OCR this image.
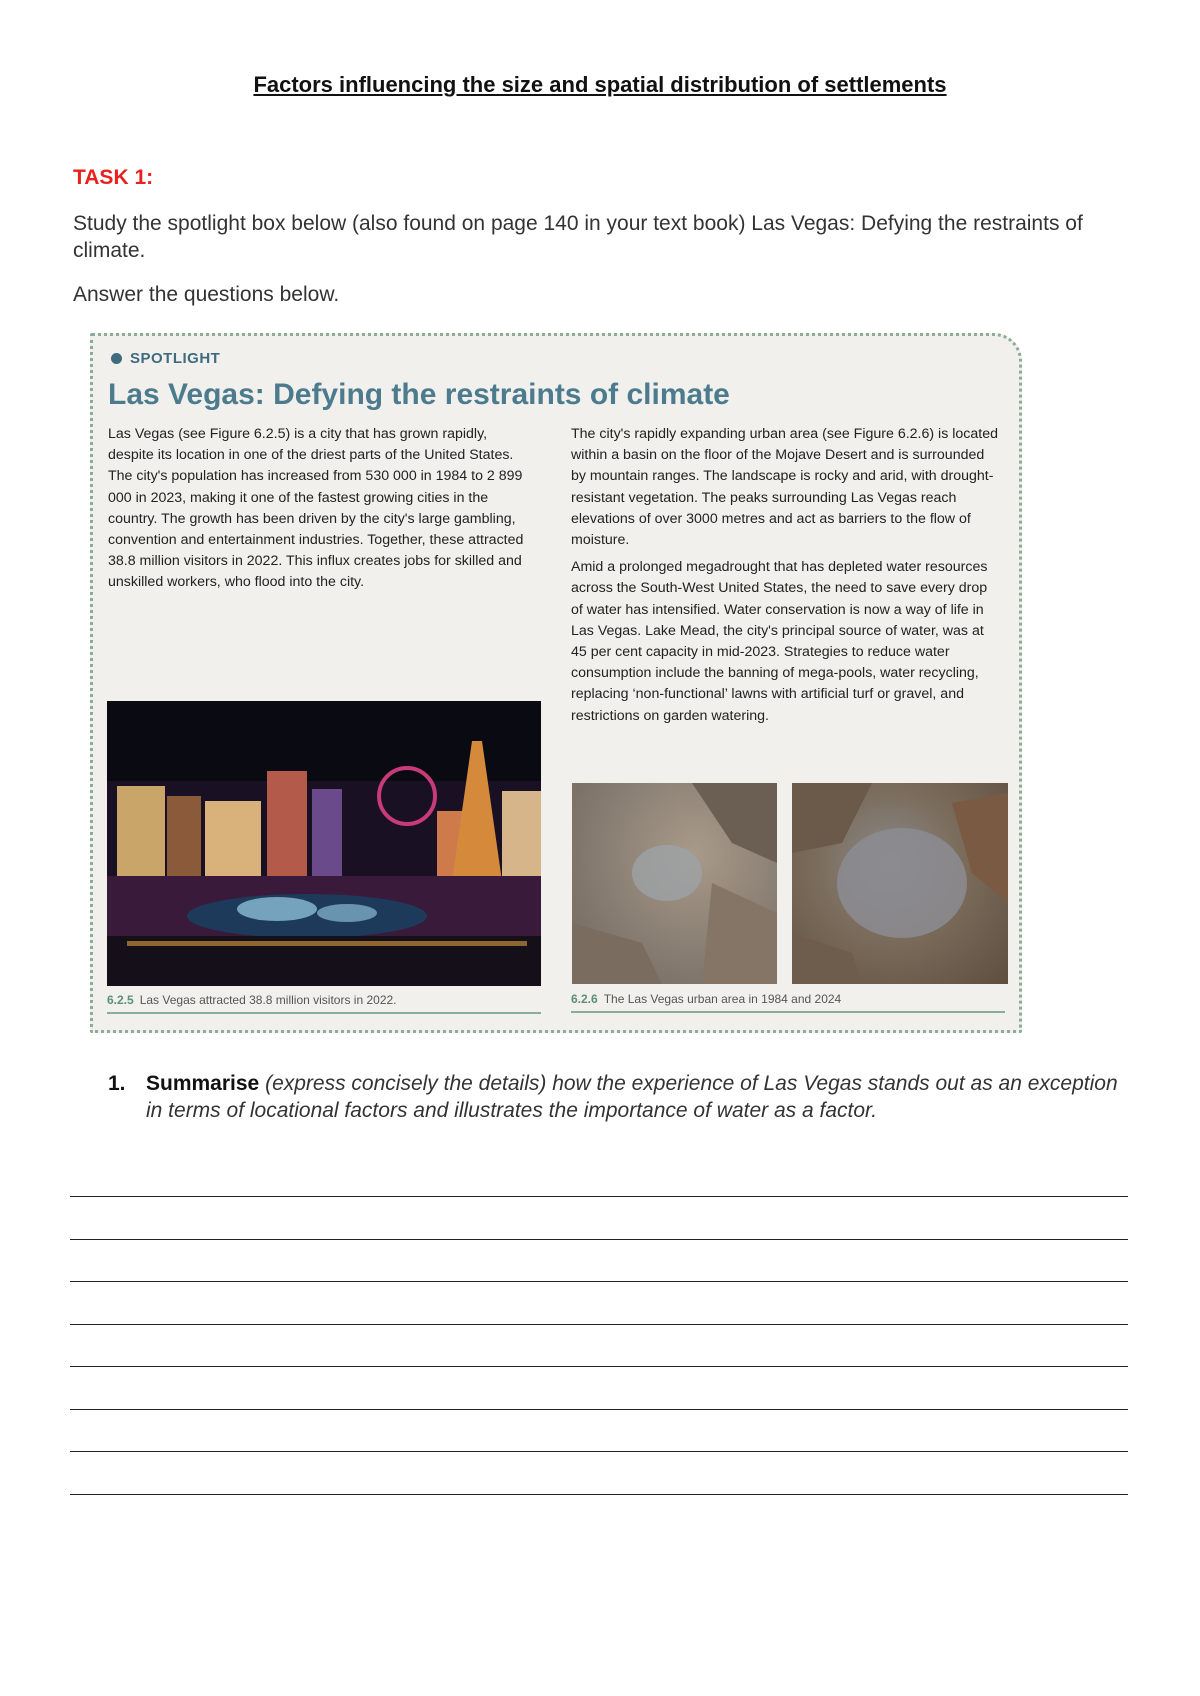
Factors influencing the size and spatial distribution of settlements
TASK 1:
Study the spotlight box below (also found on page 140 in your text book) Las Vegas: Defying the restraints of climate.
Answer the questions below.
SPOTLIGHT
Las Vegas: Defying the restraints of climate

Las Vegas (see Figure 6.2.5) is a city that has grown rapidly, despite its location in one of the driest parts of the United States. The city's population has increased from 530 000 in 1984 to 2 899 000 in 2023, making it one of the fastest growing cities in the country. The growth has been driven by the city's large gambling, convention and entertainment industries. Together, these attracted 38.8 million visitors in 2022. This influx creates jobs for skilled and unskilled workers, who flood into the city.

The city's rapidly expanding urban area (see Figure 6.2.6) is located within a basin on the floor of the Mojave Desert and is surrounded by mountain ranges. The landscape is rocky and arid, with drought-resistant vegetation. The peaks surrounding Las Vegas reach elevations of over 3000 metres and act as barriers to the flow of moisture.

Amid a prolonged megadrought that has depleted water resources across the South-West United States, the need to save every drop of water has intensified. Water conservation is now a way of life in Las Vegas. Lake Mead, the city's principal source of water, was at 45 per cent capacity in mid-2023. Strategies to reduce water consumption include the banning of mega-pools, water recycling, replacing ‘non-functional’ lawns with artificial turf or gravel, and restrictions on garden watering.

6.2.5 Las Vegas attracted 38.8 million visitors in 2022.	6.2.6 The Las Vegas urban area in 1984 and 2024
1. Summarise (express concisely the details) how the experience of Las Vegas stands out as an exception in terms of locational factors and illustrates the importance of water as a factor.
